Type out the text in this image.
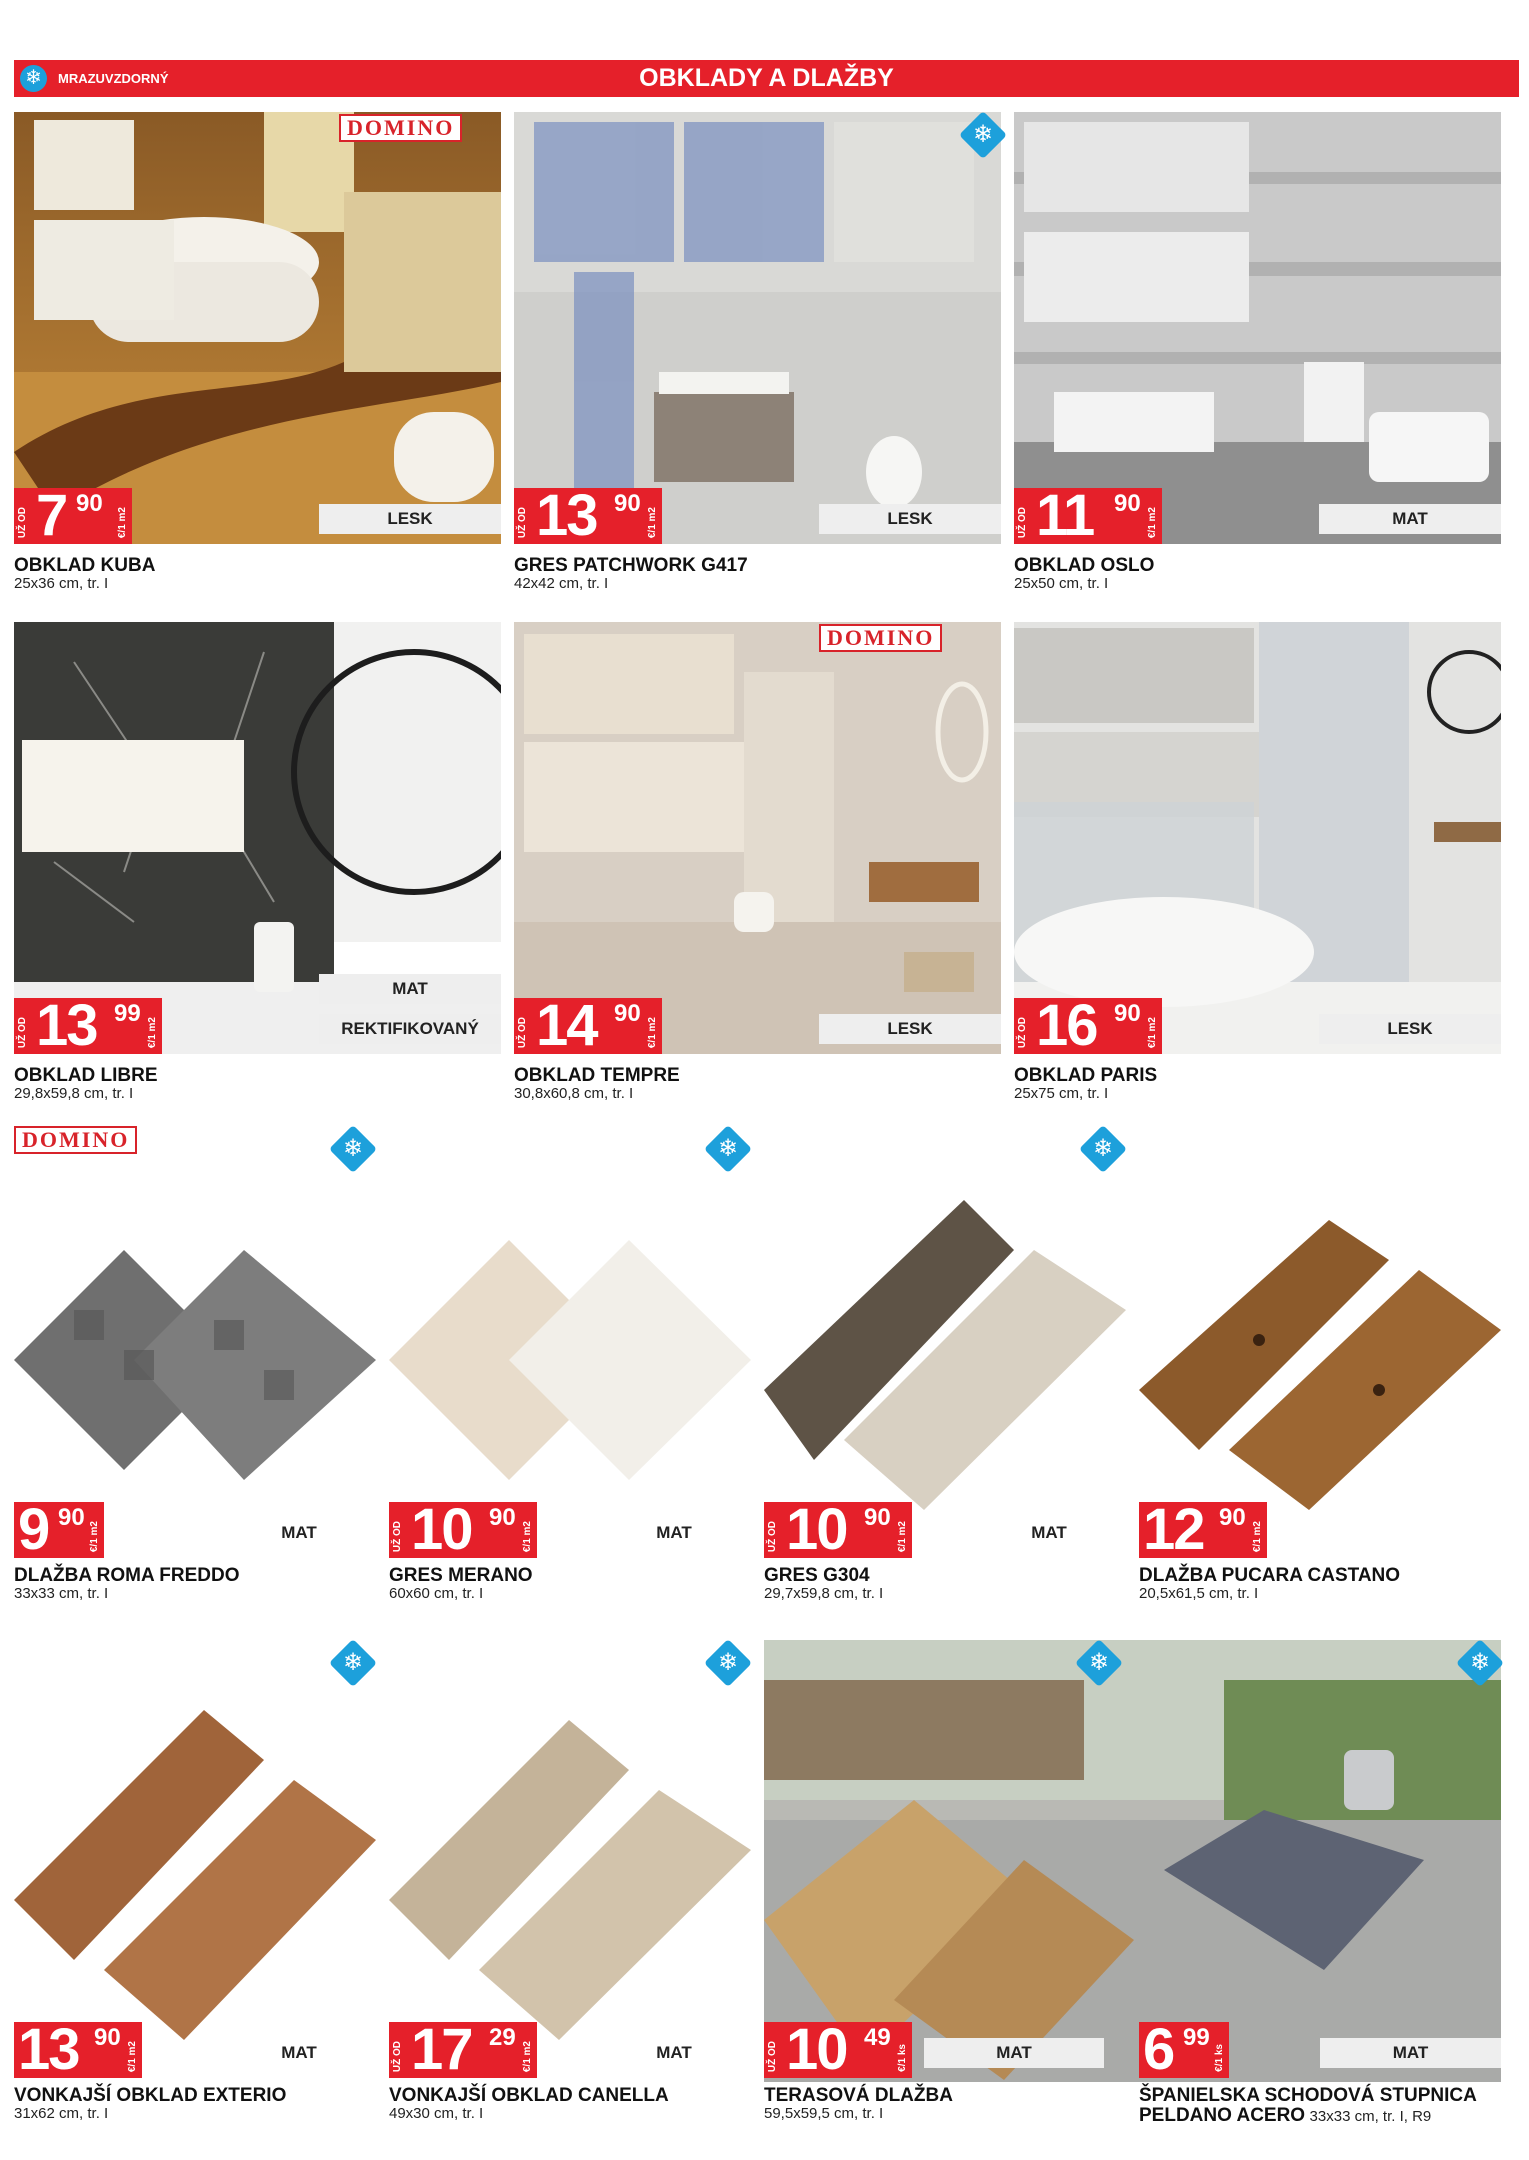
❄	MRAZUVZDORNÝ	OBKLADY A DLAŽBY
DOMINO
UŽ OD 7 90
€/1 m2	LESK
OBKLAD KUBA
25x36 cm, tr. I
❄
UŽ OD 13 90
€/1 m2	LESK
GRES PATCHWORK G417
42x42 cm, tr. I
UŽ OD 11 90
€/1 m2	MAT
OBKLAD OSLO
25x50 cm, tr. I
UŽ OD 13 99
€/1 m2
MAT
REKTIFIKOVANÝ
OBKLAD LIBRE
29,8x59,8 cm, tr. I
DOMINO
UŽ OD 14 90
€/1 m2	LESK
OBKLAD TEMPRE
30,8x60,8 cm, tr. I
UŽ OD 16 90
€/1 m2	LESK
OBKLAD PARIS
25x75 cm, tr. I
DOMINO	❄
9 90
€/1 m2	MAT
DLAŽBA ROMA FREDDO
33x33 cm, tr. I
❄
UŽ OD 10 90
€/1 m2	MAT
GRES MERANO
60x60 cm, tr. I
❄
UŽ OD 10 90
€/1 m2	MAT
GRES G304
29,7x59,8 cm, tr. I
12 90
€/1 m2
DLAŽBA PUCARA CASTANO
20,5x61,5 cm, tr. I
❄
13 90
€/1 m2	MAT
VONKAJŠÍ OBKLAD EXTERIO
31x62 cm, tr. I
❄
UŽ OD 17 29
€/1 m2	MAT
VONKAJŠÍ OBKLAD CANELLA
49x30 cm, tr. I
❄	❄
UŽ OD 10 49
€/1 ks	MAT
TERASOVÁ DLAŽBA
59,5x59,5 cm, tr. I
6 99
€/1 ks	MAT
ŠPANIELSKA SCHODOVÁ STUPNICA
PELDANO ACERO 33x33 cm, tr. I, R9
